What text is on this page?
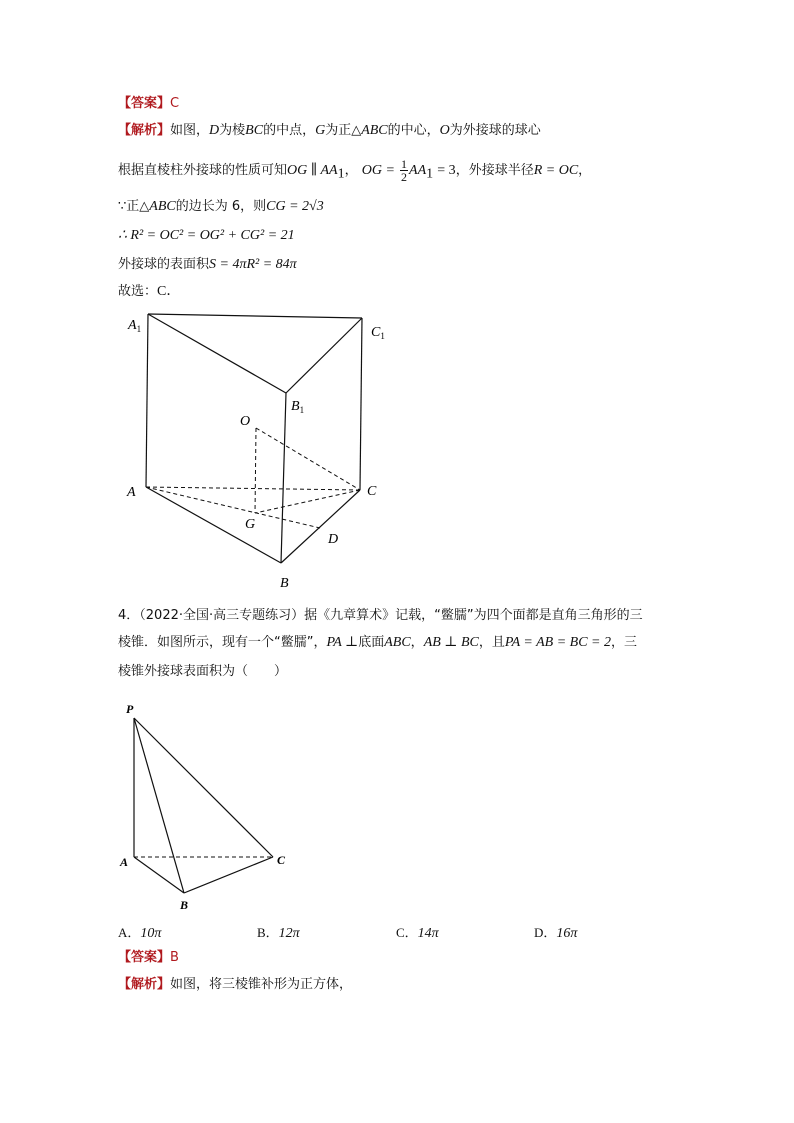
【答案】C
【解析】如图，D为棱BC的中点，G为正△ABC的中心，O为外接球的球心
根据直棱柱外接球的性质可知OG ∥ $AA_1$， OG = $\frac{1}{2} AA_1 = 3$，外接球半径R = OC，
∵正△ABC的边长为 6，则CG = 2√3
∴ R² = OC² = OG² + CG² = 21
外接球的表面积S = 4πR² = 84π
故选：C．
$A_1$	$C_1$
$B_1$
O
A	C
G
D
B
4．（2022·全国·高三专题练习）据《九章算术》记载，“鳖臑”为四个面都是直角三角形的三
棱锥．如图所示，现有一个“鳖臑”，PA ⊥底面ABC，AB ⊥ BC，且PA = AB = BC = 2，三
棱锥外接球表面积为（　　）
P
A
B
C
A．10π	B．12π	C．14π	D．16π
【答案】B
【解析】如图，将三棱锥补形为正方体，
